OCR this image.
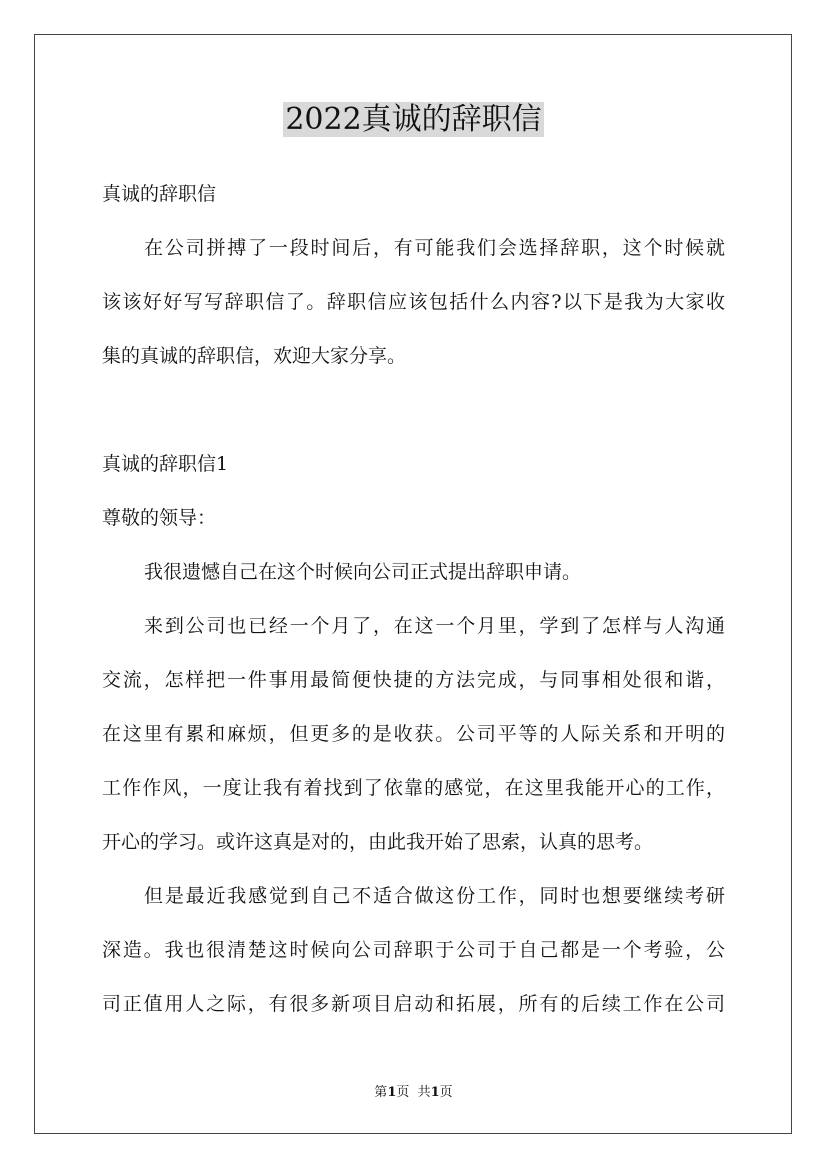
2022真诚的辞职信
真诚的辞职信
在公司拼搏了一段时间后，有可能我们会选择辞职，这个时候就
该该好好写写辞职信了。辞职信应该包括什么内容?以下是我为大家收
集的真诚的辞职信，欢迎大家分享。
真诚的辞职信1
尊敬的领导：
我很遗憾自己在这个时候向公司正式提出辞职申请。
来到公司也已经一个月了，在这一个月里，学到了怎样与人沟通
交流，怎样把一件事用最简便快捷的方法完成，与同事相处很和谐，
在这里有累和麻烦，但更多的是收获。公司平等的人际关系和开明的
工作作风，一度让我有着找到了依靠的感觉，在这里我能开心的工作，
开心的学习。或许这真是对的，由此我开始了思索，认真的思考。
但是最近我感觉到自己不适合做这份工作，同时也想要继续考研
深造。我也很清楚这时候向公司辞职于公司于自己都是一个考验，公
司正值用人之际，有很多新项目启动和拓展，所有的后续工作在公司
第1页  共1页
